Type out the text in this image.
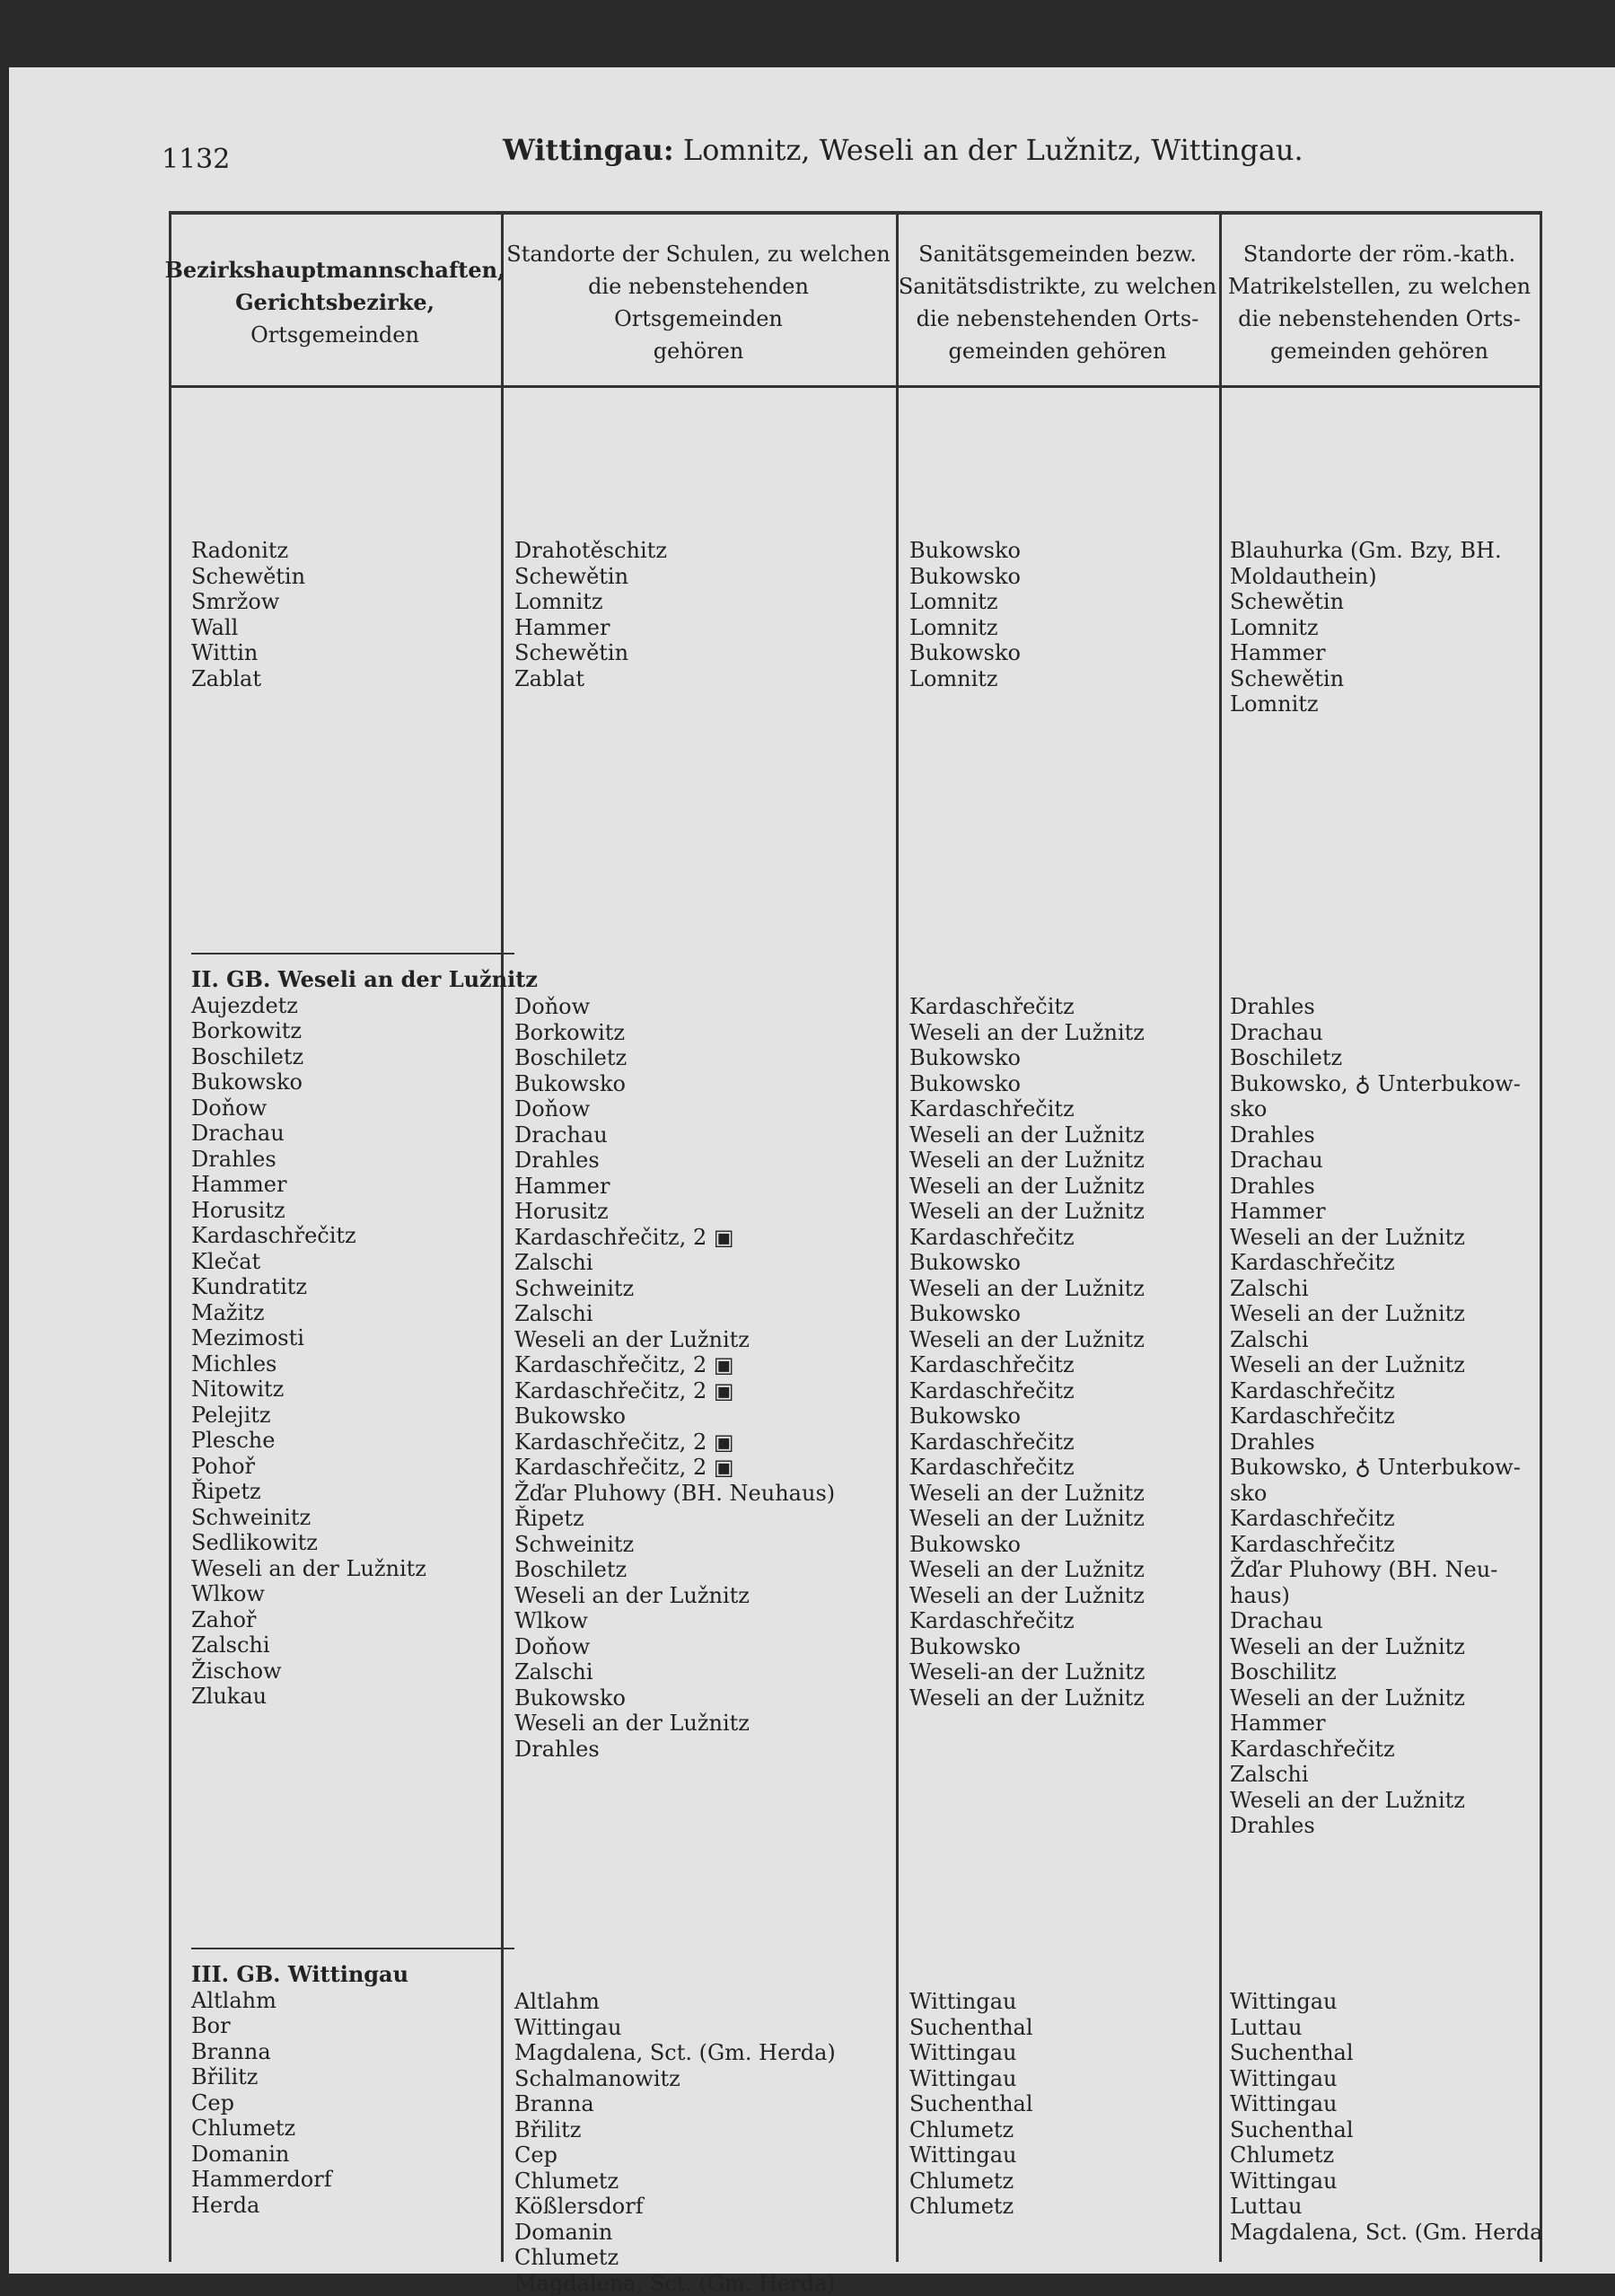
1132	Wittingau: Lomnitz, Weseli an der Lužnitz, Wittingau.
Bezirkshauptmannschaften,
Gerichtsbezirke,
Ortsgemeinden
Standorte der Schulen, zu welchen
die nebenstehenden Ortsgemeinden
gehören
Sanitätsgemeinden bezw.
Sanitätsdistrikte, zu welchen
die nebenstehenden Orts-
gemeinden gehören
Standorte der röm.-kath.
Matrikelstellen, zu welchen
die nebenstehenden Orts-
gemeinden gehören
Radonitz
Schewětin
Smržow
Wall
Wittin
Zablat
II. GB. Weseli an der Lužnitz
Aujezdetz
Borkowitz
Boschiletz
Bukowsko
Doňow
Drachau
Drahles
Hammer
Horusitz
Kardaschřečitz
Klečat
Kundratitz
Mažitz
Mezimosti
Michles
Nitowitz
Pelejitz
Plesche
Pohoř
Řipetz
Schweinitz
Sedlikowitz
Weseli an der Lužnitz
Wlkow
Zahoř
Zalschi
Žischow
Zlukau
III. GB. Wittingau
Altlahm
Bor
Branna
Břilitz
Cep
Chlumetz
Domanin
Hammerdorf
Herda
Drahotěschitz
Schewětin
Lomnitz
Hammer
Schewětin
Zablat
Doňow
Borkowitz
Boschiletz
Bukowsko
Doňow
Drachau
Drahles
Hammer
Horusitz
Kardaschřečitz, 2 ▣
Zalschi
Schweinitz
Zalschi
Weseli an der Lužnitz
Kardaschřečitz, 2 ▣
Kardaschřečitz, 2 ▣
Bukowsko
Kardaschřečitz, 2 ▣
Kardaschřečitz, 2 ▣
Žďar Pluhowy (BH. Neuhaus)
Řipetz
Schweinitz
Boschiletz
Weseli an der Lužnitz
Wlkow
Doňow
Zalschi
Bukowsko
Weseli an der Lužnitz
Drahles
Altlahm
Wittingau
Magdalena, Sct. (Gm. Herda)
Schalmanowitz
Branna
Břilitz
Cep
Chlumetz
Kößlersdorf
Domanin
Chlumetz
Magdalena, Sct. (Gm. Herda)
Bukowsko
Bukowsko
Lomnitz
Lomnitz
Bukowsko
Lomnitz
Kardaschřečitz
Weseli an der Lužnitz
Bukowsko
Bukowsko
Kardaschřečitz
Weseli an der Lužnitz
Weseli an der Lužnitz
Weseli an der Lužnitz
Weseli an der Lužnitz
Kardaschřečitz
Bukowsko
Weseli an der Lužnitz
Bukowsko
Weseli an der Lužnitz
Kardaschřečitz
Kardaschřečitz
Bukowsko
Kardaschřečitz
Kardaschřečitz
Weseli an der Lužnitz
Weseli an der Lužnitz
Bukowsko
Weseli an der Lužnitz
Weseli an der Lužnitz
Kardaschřečitz
Bukowsko
Weseli-an der Lužnitz
Weseli an der Lužnitz
Wittingau
Suchenthal
Wittingau
Wittingau
Suchenthal
Chlumetz
Wittingau
Chlumetz
Chlumetz
Blauhurka (Gm. Bzy, BH.
Moldauthein)
Schewětin
Lomnitz
Hammer
Schewětin
Lomnitz
Drahles
Drachau
Boschiletz
Bukowsko, ♁ Unterbukow-
sko
Drahles
Drachau
Drahles
Hammer
Weseli an der Lužnitz
Kardaschřečitz
Zalschi
Weseli an der Lužnitz
Zalschi
Weseli an der Lužnitz
Kardaschřečitz
Kardaschřečitz
Drahles
Bukowsko, ♁ Unterbukow-
sko
Kardaschřečitz
Kardaschřečitz
Žďar Pluhowy (BH. Neu-
haus)
Drachau
Weseli an der Lužnitz
Boschilitz
Weseli an der Lužnitz
Hammer
Kardaschřečitz
Zalschi
Weseli an der Lužnitz
Drahles
Wittingau
Luttau
Suchenthal
Wittingau
Wittingau
Suchenthal
Chlumetz
Wittingau
Luttau
Magdalena, Sct. (Gm. Herda
